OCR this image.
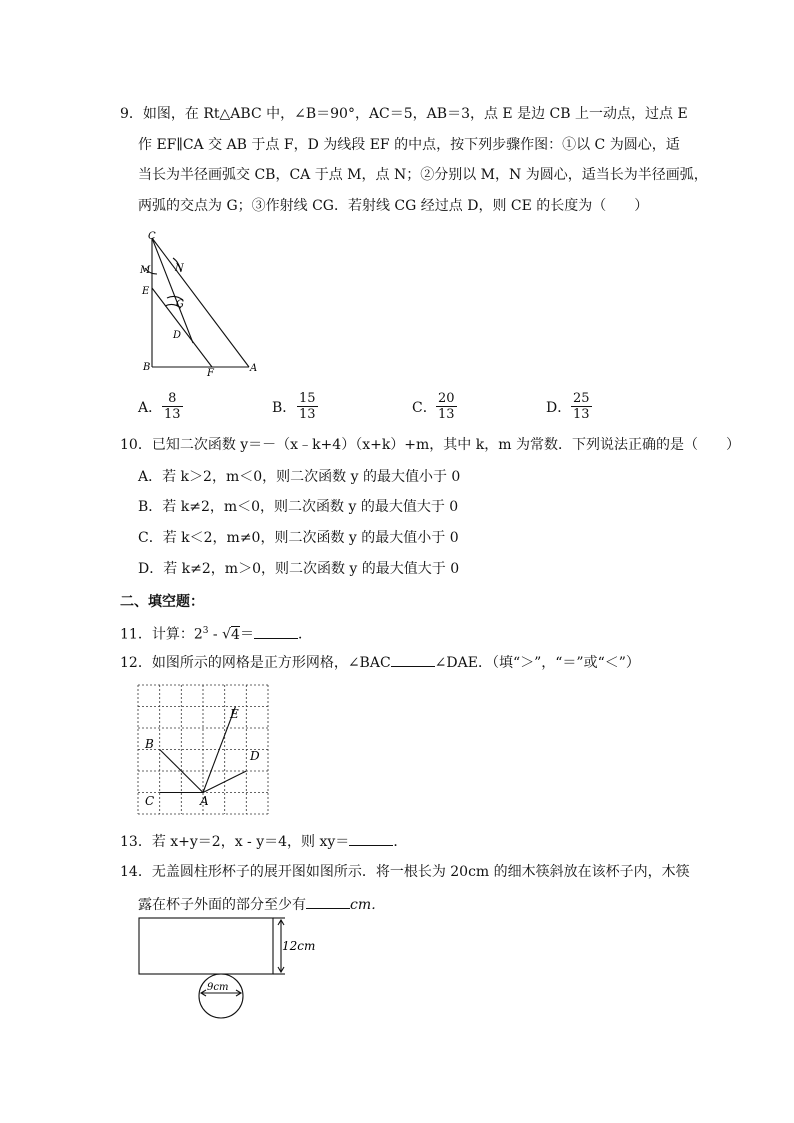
9．如图，在 Rt△ABC 中，∠B＝90°，AC＝5，AB＝3，点 E 是边 CB 上一动点，过点 E
作 EF∥CA 交 AB 于点 F，D 为线段 EF 的中点，按下列步骤作图：①以 C 为圆心，适
当长为半径画弧交 CB，CA 于点 M，点 N；②分别以 M，N 为圆心，适当长为半径画弧，
两弧的交点为 G；③作射线 CG．若射线 CG 经过点 D，则 CE 的长度为（　　）
C
M N
E
G
D
B
F	A
A． $\frac{8}{13}$	B． $\frac{15}{13}$	C． $\frac{20}{13}$	D． $\frac{25}{13}$
10．已知二次函数 y＝－（x﹣k+4）（x+k）+m，其中 k，m 为常数．下列说法正确的是（　　）
A．若 k＞2，m＜0，则二次函数 y 的最大值小于 0
B．若 k≠2，m＜0，则二次函数 y 的最大值大于 0
C．若 k＜2，m≠0，则二次函数 y 的最大值小于 0
D．若 k≠2，m＞0，则二次函数 y 的最大值大于 0
二、填空题：
11．计算：$2^3 - √4=$	．
12．如图所示的网格是正方形网格，∠BAC	∠DAE．（填“＞”，“＝”或“＜”）
E
B
D
C	A
13．若 x+y＝2，x - y＝4，则 xy＝	．
14．无盖圆柱形杯子的展开图如图所示．将一根长为 20cm 的细木筷斜放在该杯子内，木筷
露在杯子外面的部分至少有	cm．
12cm
9cm
